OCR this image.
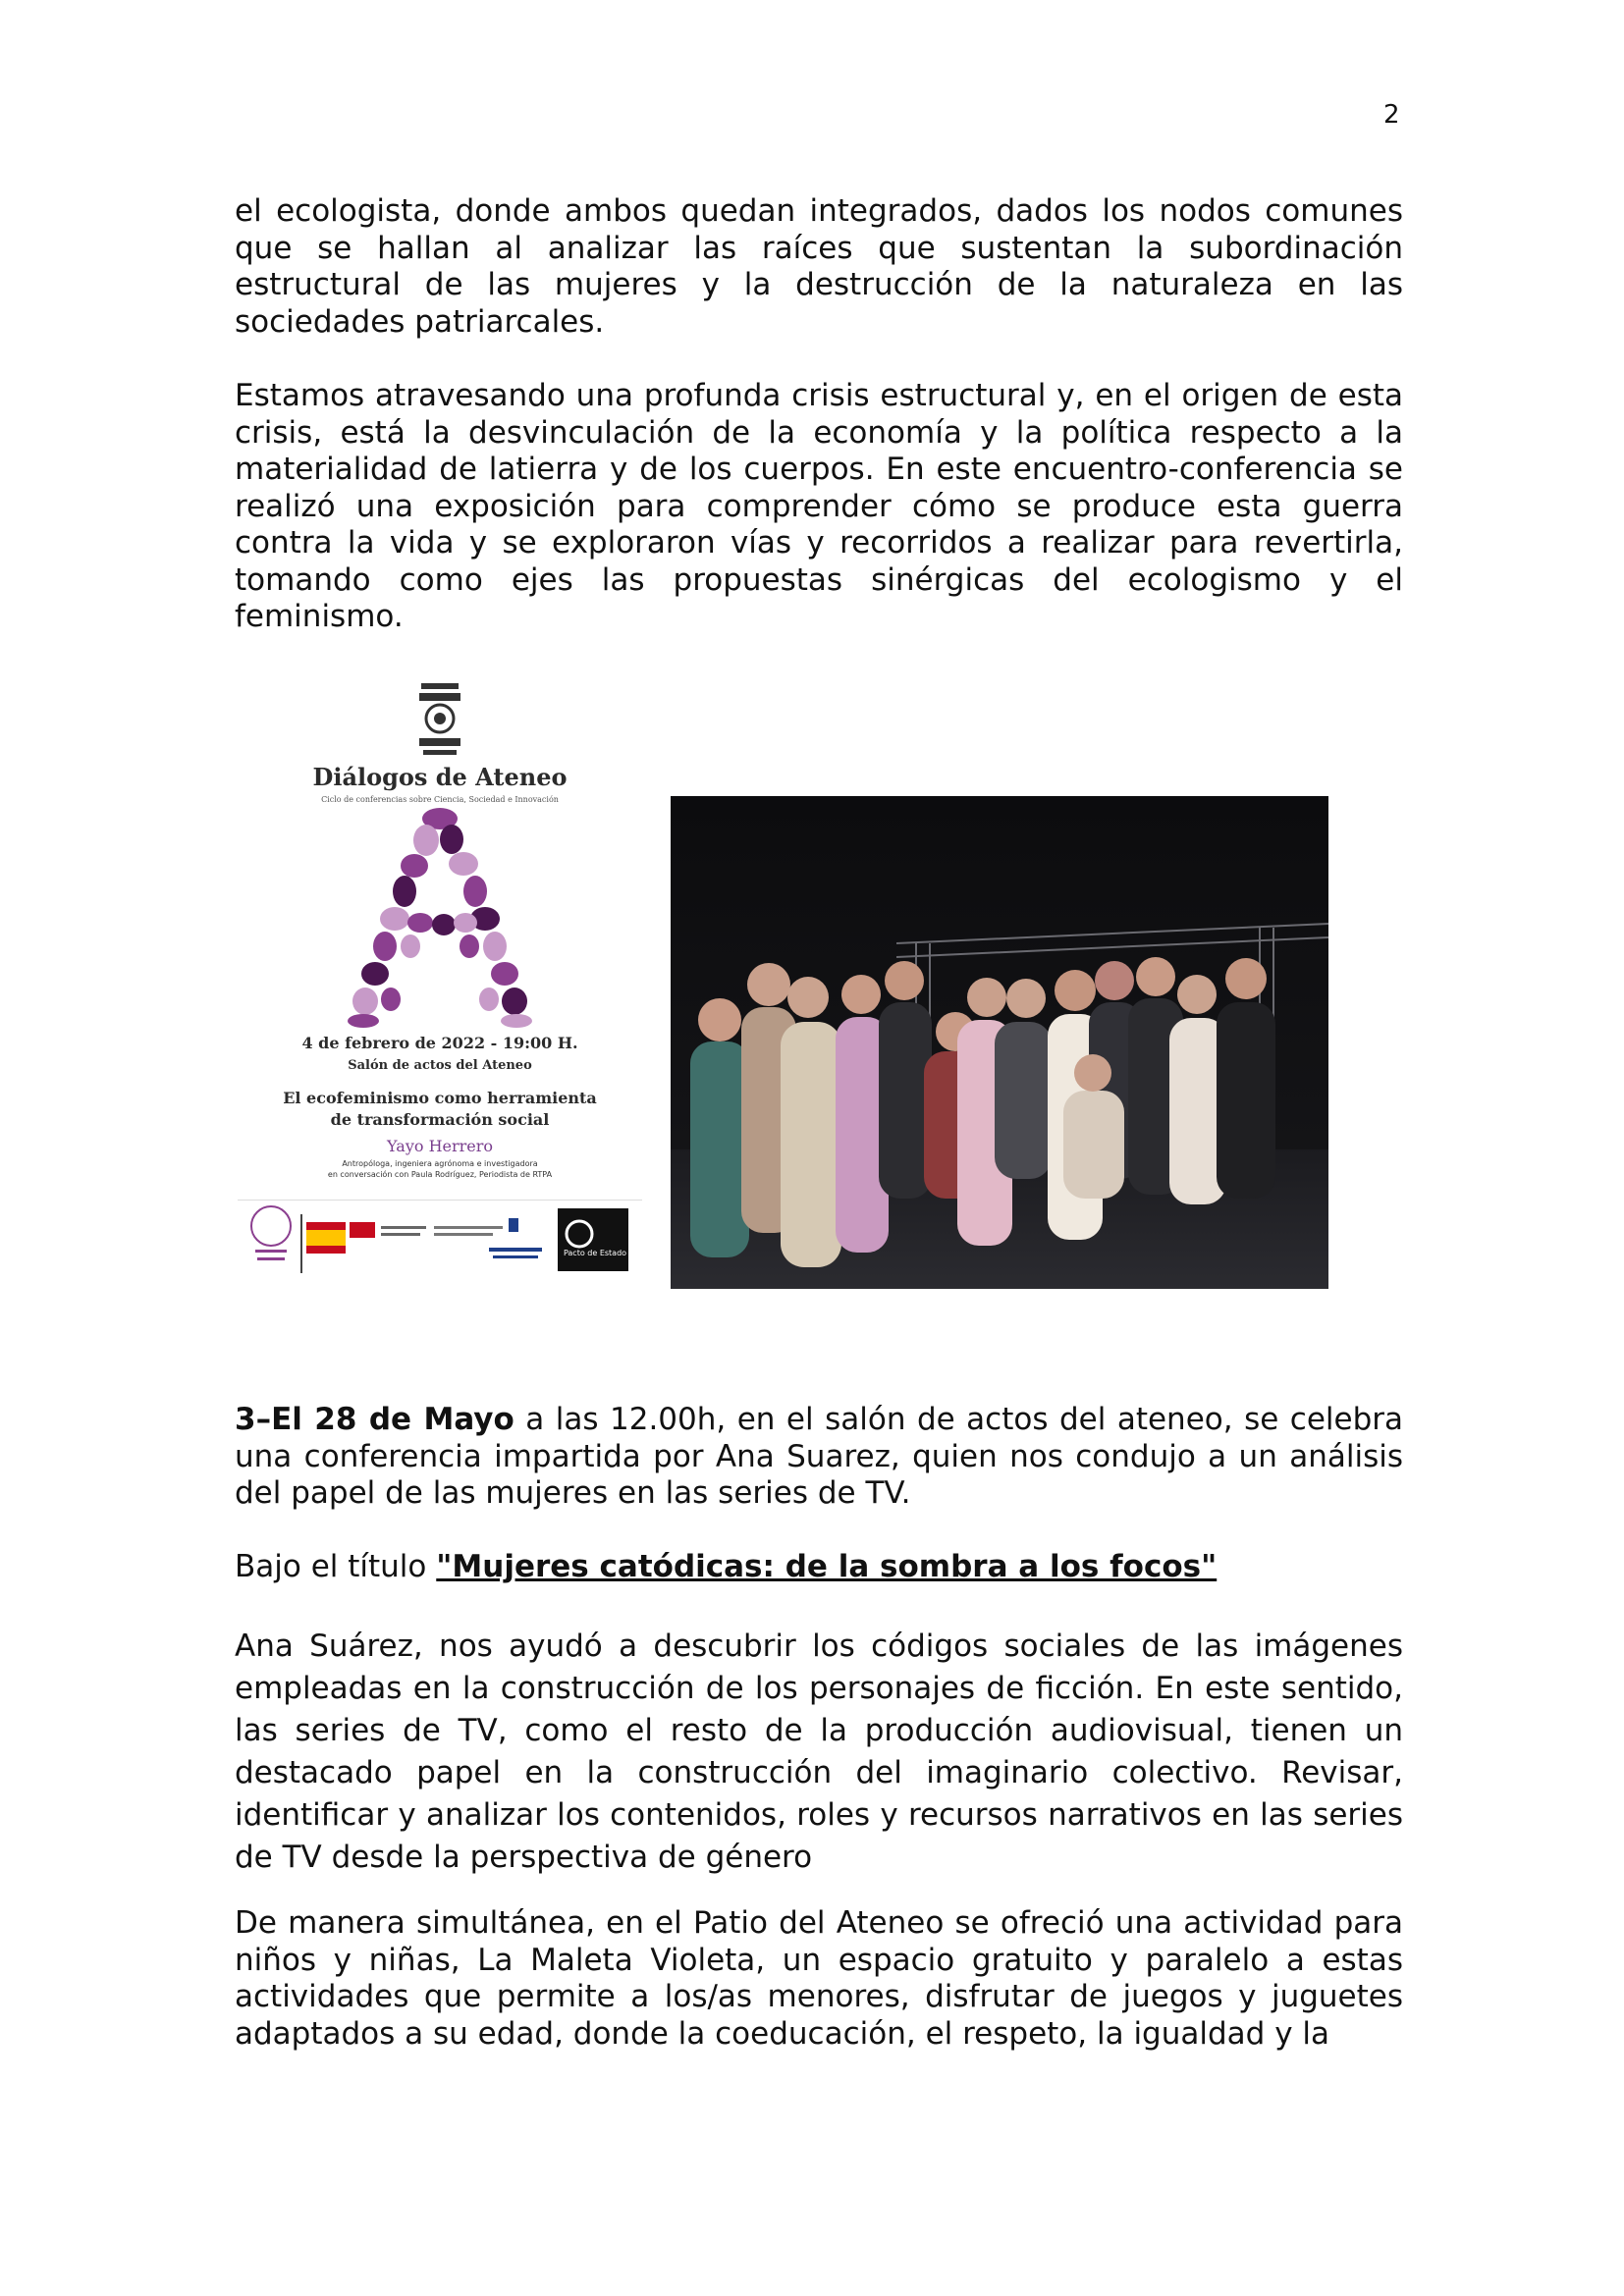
2

el ecologista, donde ambos quedan integrados, dados los nodos comunes que se hallan al analizar las raíces que sustentan la subordinación estructural de las mujeres y la destrucción de la naturaleza en las sociedades patriarcales.

Estamos atravesando una profunda crisis estructural y, en el origen de esta crisis, está la desvinculación de la economía y la política respecto a la materialidad de latierra y de los cuerpos. En este encuentro-conferencia se realizó una exposición para comprender cómo se produce esta guerra contra la vida y se exploraron vías y recorridos a realizar para revertirla, tomando como ejes las propuestas sinérgicas del ecologismo y el feminismo.

Diálogos de Ateneo
Ciclo de conferencias sobre Ciencia, Sociedad e Innovación
4 de febrero de 2022 - 19:00 H.
Salón de actos del Ateneo
El ecofeminismo como herramienta
de transformación social
Yayo Herrero
Antropóloga, ingeniera agrónoma e investigadora
en conversación con Paula Rodríguez, Periodista de RTPA
Pacto de Estado

3–El 28 de Mayo a las 12.00h, en el salón de actos del ateneo, se celebra una conferencia impartida por Ana Suarez, quien nos condujo a un análisis del papel de las mujeres en las series de TV.

Bajo el título "Mujeres catódicas: de la sombra a los focos"

Ana Suárez, nos ayudó a descubrir los códigos sociales de las imágenes empleadas en la construcción de los personajes de ficción. En este sentido, las series de TV, como el resto de la producción audiovisual, tienen un destacado papel en la construcción del imaginario colectivo. Revisar, identificar y analizar los contenidos, roles y recursos narrativos en las series de TV desde la perspectiva de género

De manera simultánea, en el Patio del Ateneo se ofreció una actividad para niños y niñas, La Maleta Violeta, un espacio gratuito y paralelo a estas actividades que permite a los/as menores, disfrutar de juegos y juguetes adaptados a su edad, donde la coeducación, el respeto, la igualdad y la
